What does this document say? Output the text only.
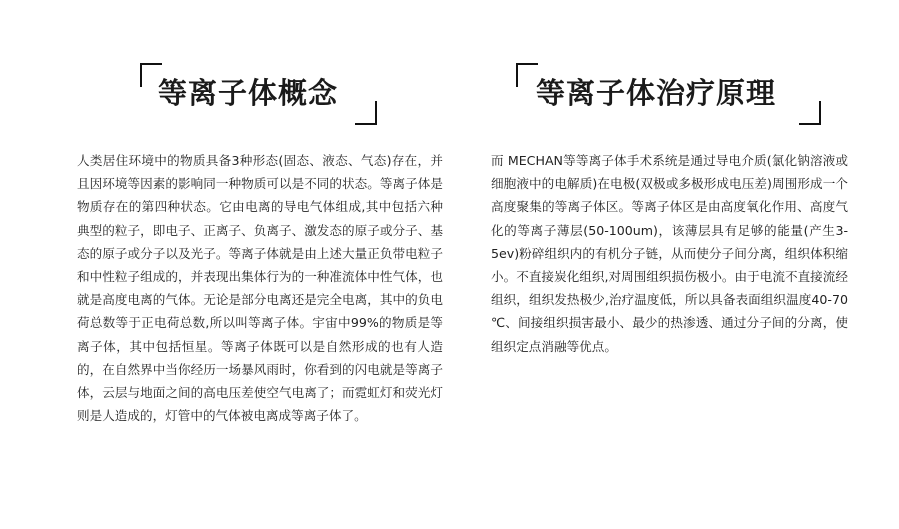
等离子体概念

人类居住环境中的物质具备3种形态(固态、液态、气态)存在，并且因环境等因素的影响同一种物质可以是不同的状态。等离子体是物质存在的第四种状态。它由电离的导电气体组成,其中包括六种典型的粒子，即电子、正离子、负离子、激发态的原子或分子、基态的原子或分子以及光子。等离子体就是由上述大量正负带电粒子和中性粒子组成的，并表现出集体行为的一种准流体中性气体，也就是高度电离的气体。无论是部分电离还是完全电离，其中的负电荷总数等于正电荷总数,所以叫等离子体。宇宙中99%的物质是等离子体，其中包括恒星。等离子体既可以是自然形成的也有人造的，在自然界中当你经历一场暴风雨时，你看到的闪电就是等离子体，云层与地面之间的高电压差使空气电离了；而霓虹灯和荧光灯则是人造成的，灯管中的气体被电离成等离子体了。

等离子体治疗原理

而 MECHAN等等离子体手术系统是通过导电介质(氯化钠溶液或细胞液中的电解质)在电极(双极或多极形成电压差)周围形成一个高度聚集的等离子体区。等离子体区是由高度氧化作用、高度气化的等离子薄层(50-100um)，该薄层具有足够的能量(产生3-5ev)粉碎组织内的有机分子链，从而使分子间分离，组织体积缩小。不直接炭化组织,对周围组织损伤极小。由于电流不直接流经组织，组织发热极少,治疗温度低，所以具备表面组织温度40-70 ℃、间接组织损害最小、最少的热渗透、通过分子间的分离，使组织定点消融等优点。
